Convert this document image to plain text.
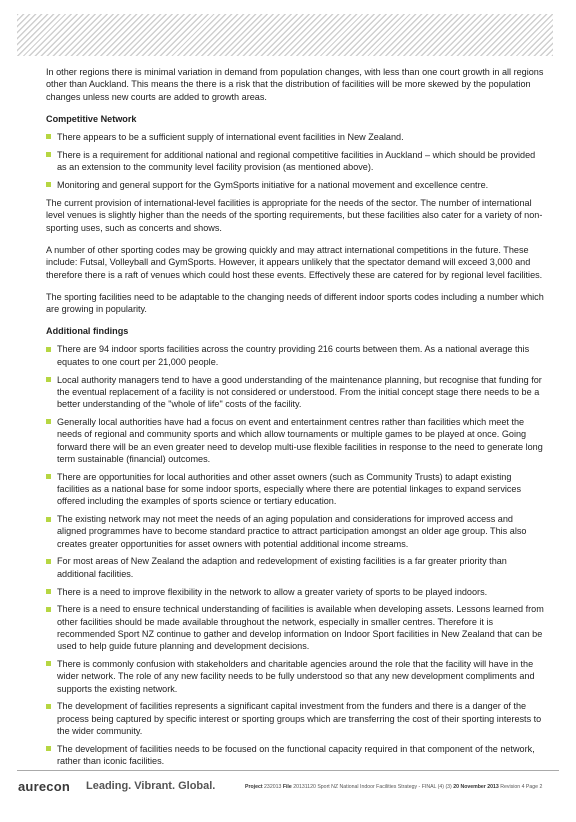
In other regions there is minimal variation in demand from population changes, with less than one court growth in all regions other than Auckland. This means the there is a risk that the distribution of facilities will be more skewed by the population changes unless new courts are added to growth areas.

Competitive Network
There appears to be a sufficient supply of international event facilities in New Zealand.
There is a requirement for additional national and regional competitive facilities in Auckland – which should be provided as an extension to the community level facility provision (as mentioned above).
Monitoring and general support for the GymSports initiative for a national movement and excellence centre.

The current provision of international-level facilities is appropriate for the needs of the sector. The number of international level venues is slightly higher than the needs of the sporting requirements, but these facilities also cater for a variety of non-sporting uses, such as concerts and shows.

A number of other sporting codes may be growing quickly and may attract international competitions in the future. These include: Futsal, Volleyball and GymSports. However, it appears unlikely that the spectator demand will exceed 3,000 and therefore there is a raft of venues which could host these events. Effectively these are catered for by regional level facilities.

The sporting facilities need to be adaptable to the changing needs of different indoor sports codes including a number which are growing in popularity.

Additional findings
There are 94 indoor sports facilities across the country providing 216 courts between them. As a national average this equates to one court per 21,000 people.
Local authority managers tend to have a good understanding of the maintenance planning, but recognise that funding for the eventual replacement of a facility is not considered or understood. From the initial concept stage there needs to be a better understanding of the "whole of life" costs of the facility.
Generally local authorities have had a focus on event and entertainment centres rather than facilities which meet the needs of regional and community sports and which allow tournaments or multiple games to be played at once. Going forward there will be an even greater need to develop multi-use flexible facilities in response to the need to generate long term sustainable (financial) outcomes.
There are opportunities for local authorities and other asset owners (such as Community Trusts) to adapt existing facilities as a national base for some indoor sports, especially where there are potential linkages to expand services offered including the examples of sports science or tertiary education.
The existing network may not meet the needs of an aging population and considerations for improved access and aligned programmes have to become standard practice to attract participation amongst an older age group. This also creates greater opportunities for asset owners with potential additional income streams.
For most areas of New Zealand the adaption and redevelopment of existing facilities is a far greater priority than additional facilities.
There is a need to improve flexibility in the network to allow a greater variety of sports to be played indoors.
There is a need to ensure technical understanding of facilities is available when developing assets. Lessons learned from other facilities should be made available throughout the network, especially in smaller centres. Therefore it is recommended Sport NZ continue to gather and develop information on Indoor Sport facilities in New Zealand that can be used to help guide future planning and development decisions.
There is commonly confusion with stakeholders and charitable agencies around the role that the facility will have in the wider network. The role of any new facility needs to be fully understood so that any new development compliments and supports the existing network.
The development of facilities represents a significant capital investment from the funders and there is a danger of the process being captured by specific interest or sporting groups which are transferring the cost of their sporting interests to the wider community.
The development of facilities needs to be focused on the functional capacity required in that component of the network, rather than iconic facilities.
aurecon Leading. Vibrant. Global.	Project 232013 File 20131120 Sport NZ National Indoor Facilities Strategy - FINAL (4) (3) 20 November 2013 Revision 4 Page 2
